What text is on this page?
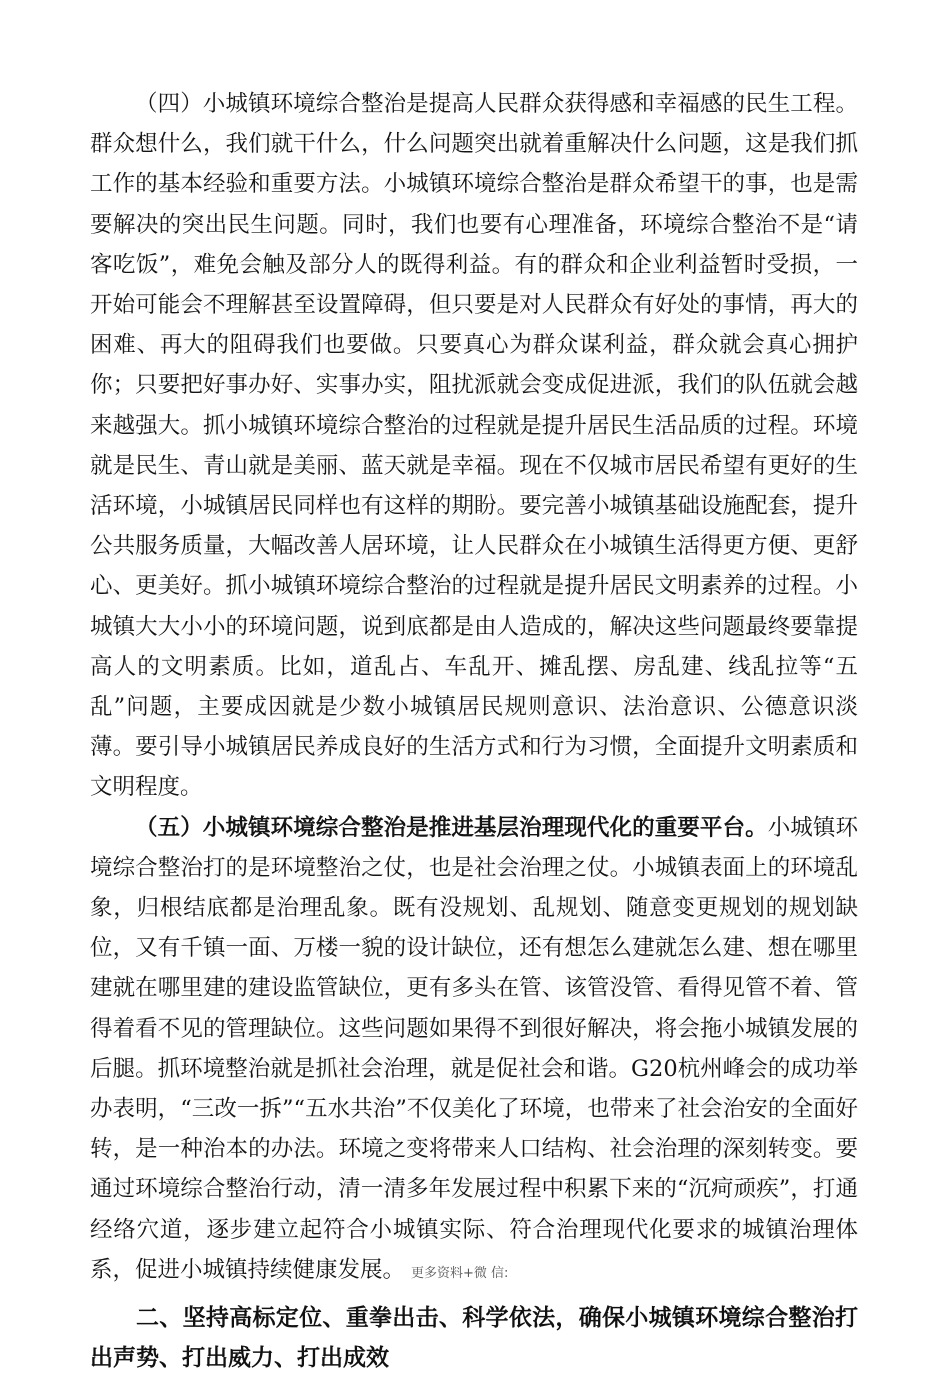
（四）小城镇环境综合整治是提高人民群众获得感和幸福感的民生工程。群众想什么，我们就干什么，什么问题突出就着重解决什么问题，这是我们抓工作的基本经验和重要方法。小城镇环境综合整治是群众希望干的事，也是需要解决的突出民生问题。同时，我们也要有心理准备，环境综合整治不是“请客吃饭”，难免会触及部分人的既得利益。有的群众和企业利益暂时受损，一开始可能会不理解甚至设置障碍，但只要是对人民群众有好处的事情，再大的困难、再大的阻碍我们也要做。只要真心为群众谋利益，群众就会真心拥护你；只要把好事办好、实事办实，阻扰派就会变成促进派，我们的队伍就会越来越强大。抓小城镇环境综合整治的过程就是提升居民生活品质的过程。环境就是民生、青山就是美丽、蓝天就是幸福。现在不仅城市居民希望有更好的生活环境，小城镇居民同样也有这样的期盼。要完善小城镇基础设施配套，提升公共服务质量，大幅改善人居环境，让人民群众在小城镇生活得更方便、更舒心、更美好。抓小城镇环境综合整治的过程就是提升居民文明素养的过程。小城镇大大小小的环境问题，说到底都是由人造成的，解决这些问题最终要靠提高人的文明素质。比如，道乱占、车乱开、摊乱摆、房乱建、线乱拉等“五乱”问题，主要成因就是少数小城镇居民规则意识、法治意识、公德意识淡薄。要引导小城镇居民养成良好的生活方式和行为习惯，全面提升文明素质和文明程度。

（五）小城镇环境综合整治是推进基层治理现代化的重要平台。小城镇环境综合整治打的是环境整治之仗，也是社会治理之仗。小城镇表面上的环境乱象，归根结底都是治理乱象。既有没规划、乱规划、随意变更规划的规划缺位，又有千镇一面、万楼一貌的设计缺位，还有想怎么建就怎么建、想在哪里建就在哪里建的建设监管缺位，更有多头在管、该管没管、看得见管不着、管得着看不见的管理缺位。这些问题如果得不到很好解决，将会拖小城镇发展的后腿。抓环境整治就是抓社会治理，就是促社会和谐。G20杭州峰会的成功举办表明，“三改一拆”“五水共治”不仅美化了环境，也带来了社会治安的全面好转，是一种治本的办法。环境之变将带来人口结构、社会治理的深刻转变。要通过环境综合整治行动，清一清多年发展过程中积累下来的“沉疴顽疾”，打通经络穴道，逐步建立起符合小城镇实际、符合治理现代化要求的城镇治理体系，促进小城镇持续健康发展。 更多资料+微 信:

二、坚持高标定位、重拳出击、科学依法，确保小城镇环境综合整治打出声势、打出威力、打出成效
